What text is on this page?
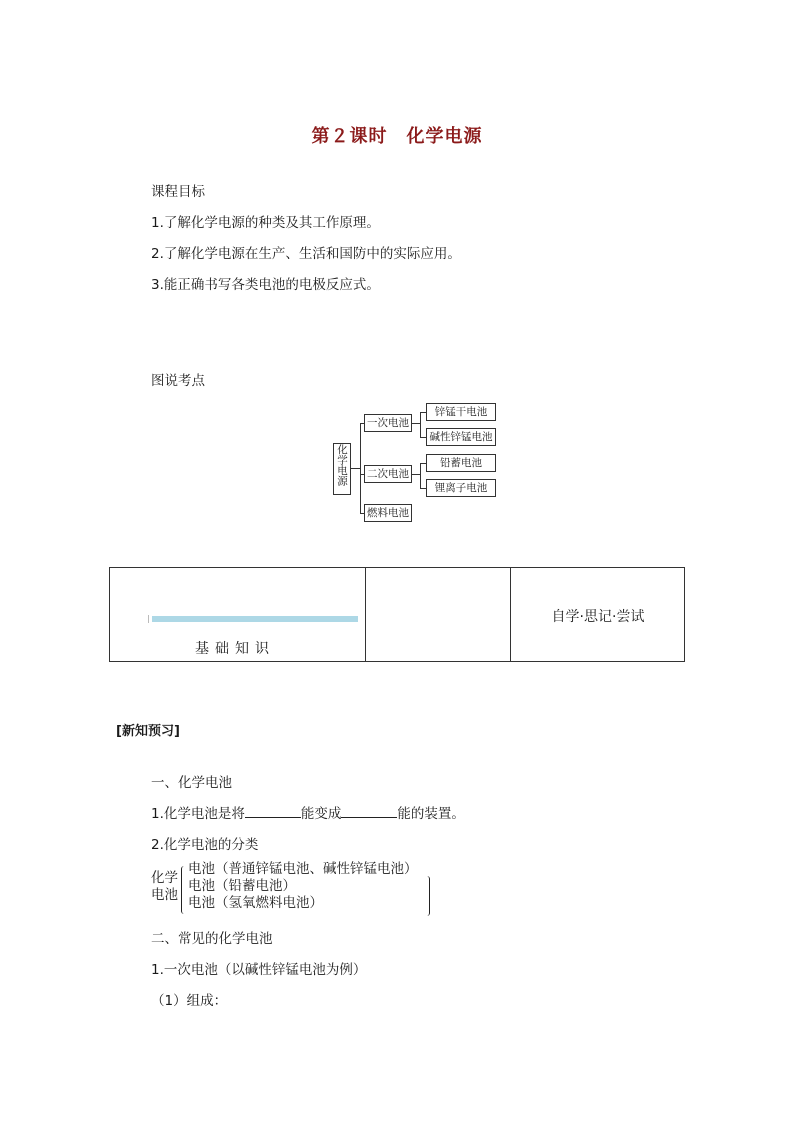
第２课时　化学电源
课程目标
1.了解化学电源的种类及其工作原理。
2.了解化学电源在生产、生活和国防中的实际应用。
3.能正确书写各类电池的电极反应式。
图说考点
化学电源
一次电池
二次电池
燃料电池
锌锰干电池
碱性锌锰电池
铅蓄电池
锂离子电池
基础知识
自学·思记·尝试
[新知预习]
一、化学电池
1.化学电池是将	能变成	能的装置。
2.化学电池的分类
化学
电池
电池（普通锌锰电池、碱性锌锰电池）
电池（铅蓄电池）
电池（氢氧燃料电池）
二、常见的化学电池
1.一次电池（以碱性锌锰电池为例）
（1）组成：
